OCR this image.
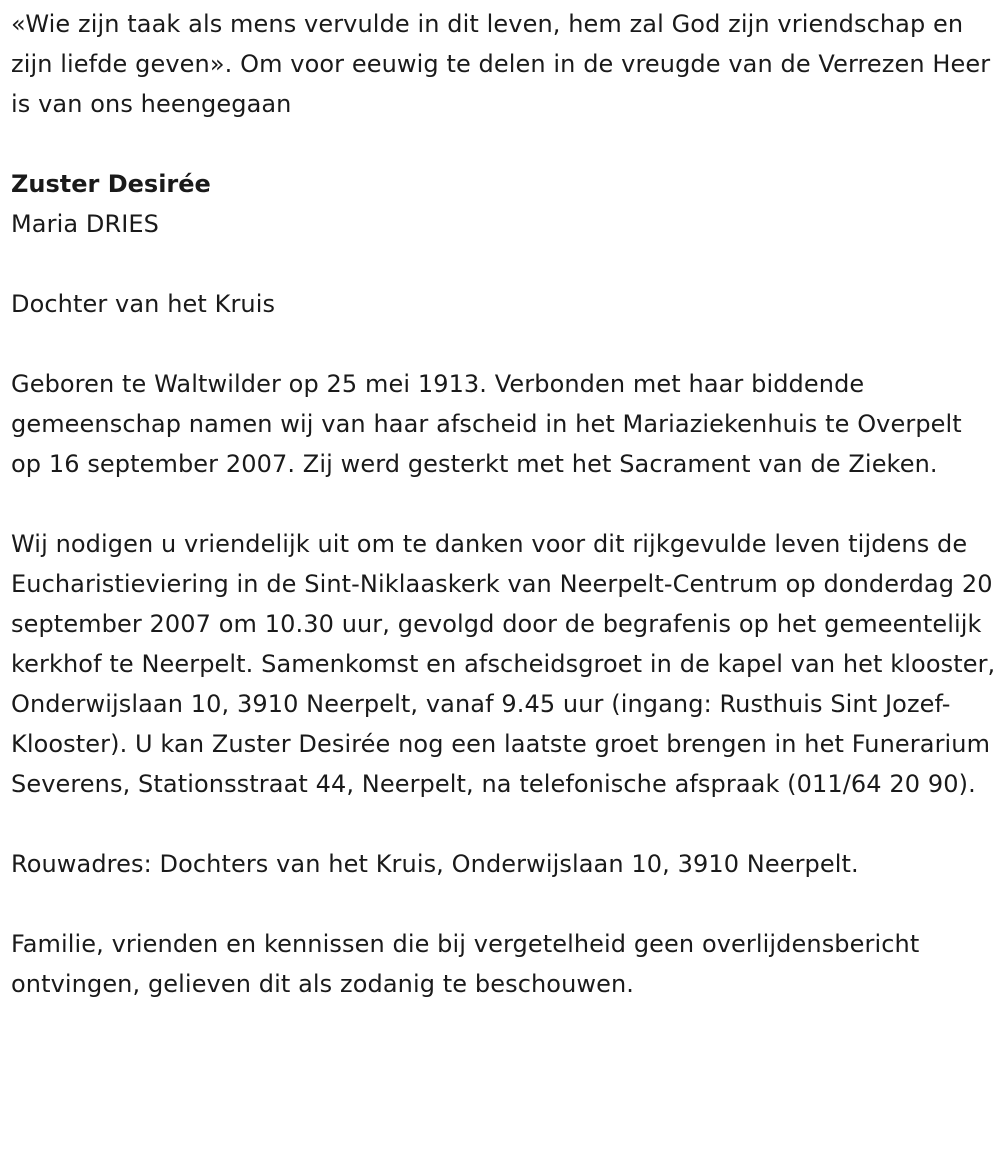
«Wie zijn taak als mens vervulde in dit leven, hem zal God zijn vriendschap en zijn liefde geven». Om voor eeuwig te delen in de vreugde van de Verrezen Heer is van ons heengegaan

Zuster Desirée

Maria DRIES

Dochter van het Kruis

Geboren te Waltwilder op 25 mei 1913. Verbonden met haar biddende gemeenschap namen wij van haar afscheid in het Mariaziekenhuis te Overpelt op 16 september 2007. Zij werd gesterkt met het Sacrament van de Zieken.

Wij nodigen u vriendelijk uit om te danken voor dit rijkgevulde leven tijdens de Eucharistieviering in de Sint-Niklaaskerk van Neerpelt-Centrum op donderdag 20 september 2007 om 10.30 uur, gevolgd door de begrafenis op het gemeentelijk kerkhof te Neerpelt. Samenkomst en afscheidsgroet in de kapel van het klooster, Onderwijslaan 10, 3910 Neerpelt, vanaf 9.45 uur (ingang: Rusthuis Sint Jozef-Klooster). U kan Zuster Desirée nog een laatste groet brengen in het Funerarium Severens, Stationsstraat 44, Neerpelt, na telefonische afspraak (011/64 20 90).

Rouwadres: Dochters van het Kruis, Onderwijslaan 10, 3910 Neerpelt.

Familie, vrienden en kennissen die bij vergetelheid geen overlijdensbericht ontvingen, gelieven dit als zodanig te beschouwen.
